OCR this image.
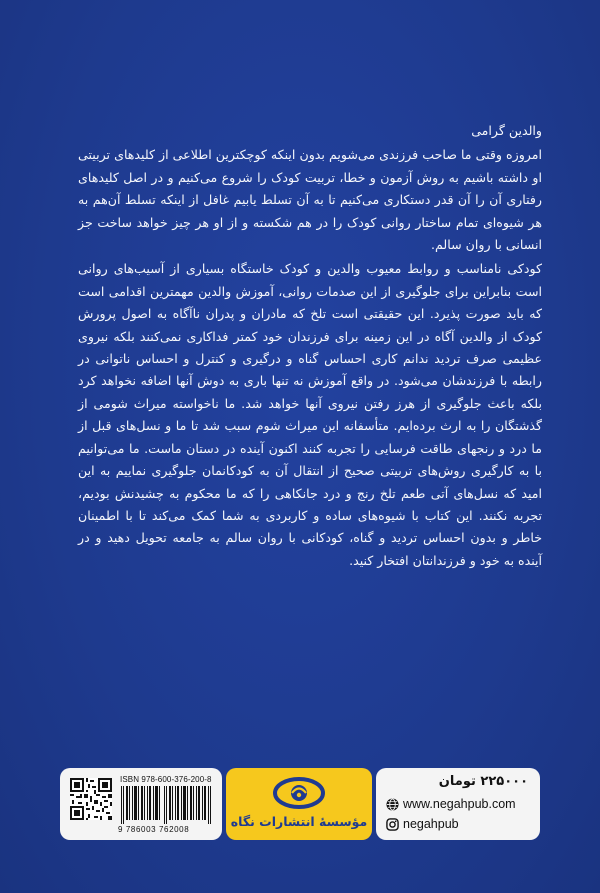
والدین گرامی

امروزه وقتی ما صاحب فرزندی می‌شویم بدون اینکه کوچکترین اطلاعی از کلیدهای تربیتی او داشته باشیم به روش آزمون و خطا، تربیت کودک را شروع می‌کنیم و در اصل کلیدهای رفتاری آن را آن قدر دستکاری می‌کنیم تا به آن تسلط یابیم غافل از اینکه تسلط آن‌هم به هر شیوه‌ای تمام ساختار روانی کودک را در هم شکسته و از او هر چیز خواهد ساخت جز انسانی با روان سالم.

کودکی نامناسب و روابط معیوب والدین و کودک خاستگاه بسیاری از آسیب‌های روانی است بنابراین برای جلوگیری از این صدمات روانی، آموزش والدین مهمترین اقدامی است که باید صورت پذیرد. این حقیقتی است تلخ که مادران و پدران ناآگاه به اصول پرورش کودک از والدین آگاه در این زمینه برای فرزندان خود کمتر فداکاری نمی‌کنند بلکه نیروی عظیمی صرف تردید ندانم کاری احساس گناه و درگیری و کنترل و احساس ناتوانی در رابطه با فرزندشان می‌شود. در واقع آموزش نه تنها باری به دوش آنها اضافه نخواهد کرد بلکه باعث جلوگیری از هرز رفتن نیروی آنها خواهد شد. ما ناخواسته میراث شومی از گذشتگان را به ارث برده‌ایم. متأسفانه این میراث شوم سبب شد تا ما و نسل‌های قبل از ما درد و رنجهای طاقت فرسایی را تجربه کنند اکنون آینده در دستان ماست. ما می‌توانیم با به کارگیری روش‌های تربیتی صحیح از انتقال آن به کودکانمان جلوگیری نماییم به این امید که نسل‌های آتی طعم تلخ رنج و درد جانکاهی را که ما محکوم به چشیدنش بودیم، تجربه نکنند. این کتاب با شیوه‌های ساده و کاربردی به شما کمک می‌کند تا با اطمینان خاطر و بدون احساس تردید و گناه، کودکانی با روان سالم به جامعه تحویل دهید و در آینده به خود و فرزندانتان افتخار کنید.

ISBN 978-600-376-200-8
9 786003 762008
مؤسسهٔ انتشارات نگاه
۲۲۵۰۰۰ تومان
www.negahpub.com
negahpub
